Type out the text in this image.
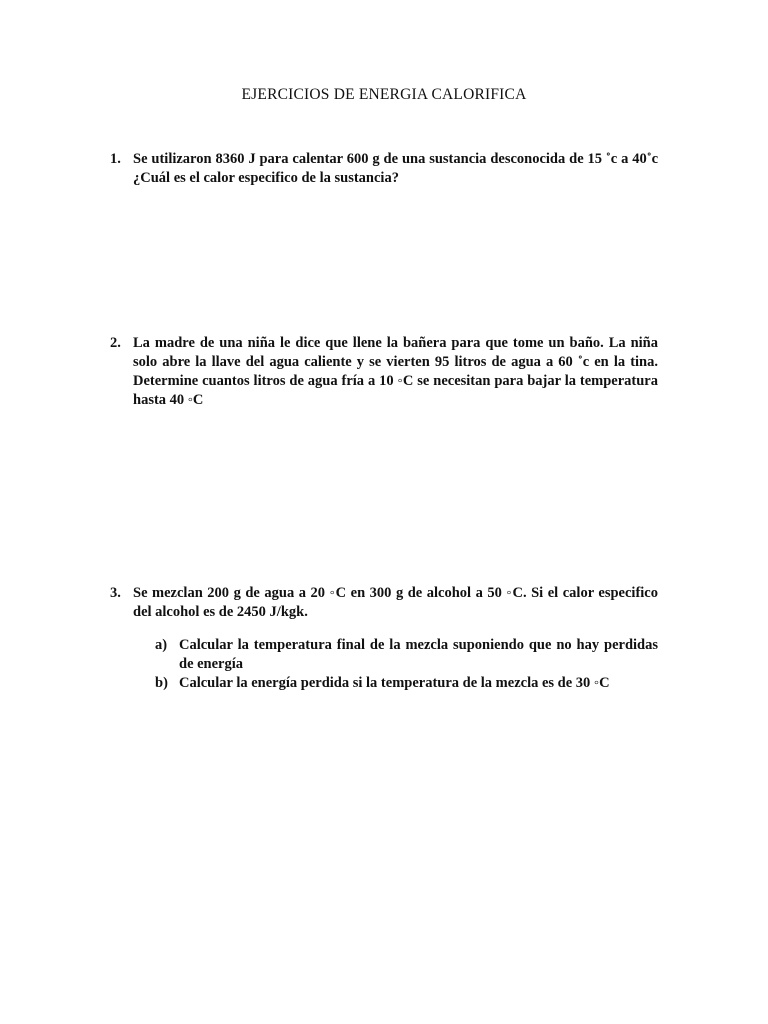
EJERCICIOS DE ENERGIA CALORIFICA
1. Se utilizaron 8360 J para calentar 600 g de una sustancia desconocida de 15 ˚c a 40˚c ¿Cuál es el calor especifico de la sustancia?

2. La madre de una niña le dice que llene la bañera para que tome un baño. La niña solo abre la llave del agua caliente y se vierten 95 litros de agua a 60 ˚c en la tina. Determine cuantos litros de agua fría a 10 ◦C se necesitan para bajar la temperatura hasta 40 ◦C

3. Se mezclan 200 g de agua a 20 ◦C en 300 g de alcohol a 50 ◦C. Si el calor especifico del alcohol es de 2450 J/kgk.

a) Calcular la temperatura final de la mezcla suponiendo que no hay perdidas de energía
b) Calcular la energía perdida si la temperatura de la mezcla es de 30 ◦C
